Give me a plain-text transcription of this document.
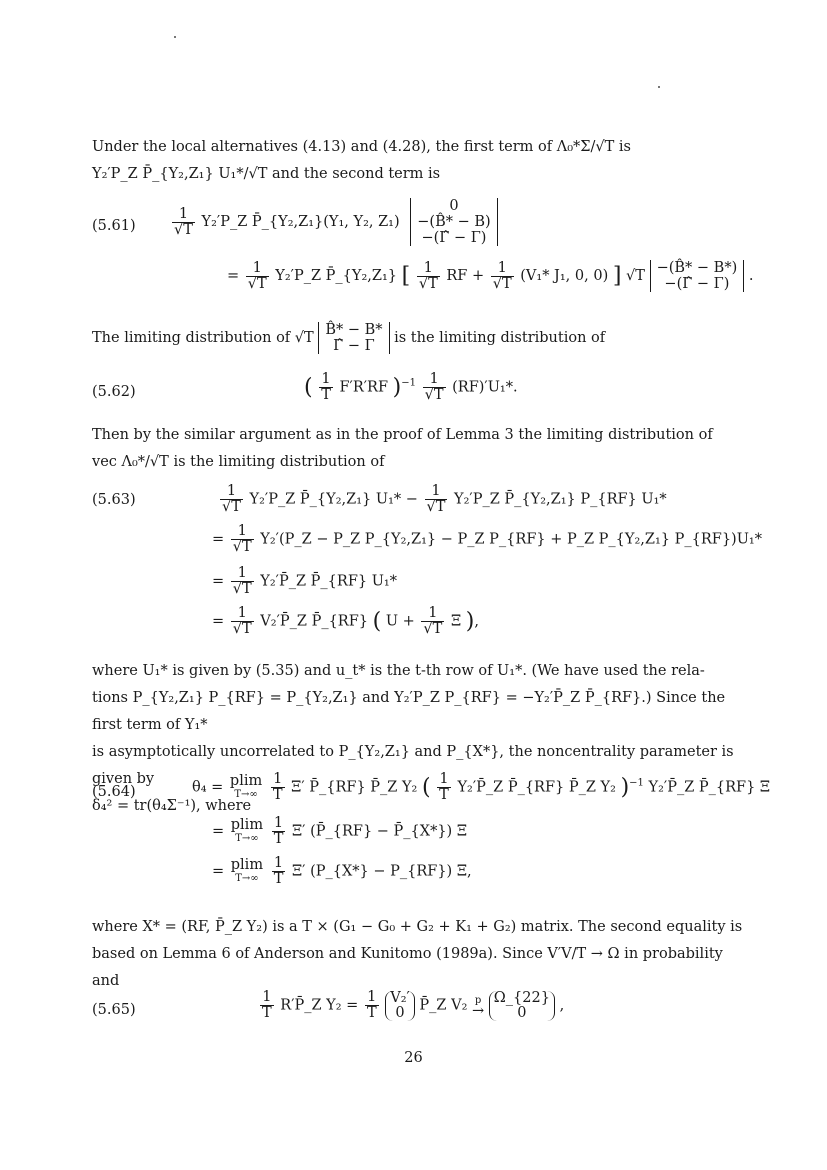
Under the local alternatives (4.13) and (4.28), the first term of Λ₀*Σ/√T is
Y₂′P_Z P̄_{Y₂,Z₁} U₁*/√T and the second term is
(5.61)	$\frac{1}{√T}$ Y₂′P_Z P̄_{Y₂,Z₁}(Y₁, Y₂, Z₁)
0
−(B̂* − B)
−(Γ̂ − Γ)
= $\frac{1}{√T}$ Y₂′P_Z P̄_{Y₂,Z₁} [ $\frac{1}{√T}$ RF + $\frac{1}{√T} (V_1*$ J₁, 0, 0) ] √T −(B̂* − B*)
−(Γ̂ − Γ)	.
The limiting distribution of √T B̂* − B*
Γ̂ − Γ	is the limiting distribution of
(5.62)	( $\frac{1}{T} F'R'RF$ )$^{-1} \frac{1}{√T} (RF)'U_1*$.
Then by the similar argument as in the proof of Lemma 3 the limiting distribution of
vec Λ₀*/√T is the limiting distribution of
(5.63)	$\frac{1}{√T}$ Y₂′P_Z P̄_{Y₂,Z₁} $U_1* - \frac{1}{√T}$ Y₂′P_Z P̄_{Y₂,Z₁} P_{RF} U₁*
= $\frac{1}{√T}$ Y₂′(P_Z − P_Z P_{Y₂,Z₁} − P_Z P_{RF} + P_Z P_{Y₂,Z₁} P_{RF})U₁*
= $\frac{1}{√T}$ Y₂′P̄_Z P̄_{RF} U₁*
= $\frac{1}{√T}$ V₂′P̄_Z P̄_{RF} ( $U + \frac{1}{√T}$ Ξ ),
where U₁* is given by (5.35) and u_t* is the t-th row of U₁*. (We have used the rela-
tions P_{Y₂,Z₁} P_{RF} = P_{Y₂,Z₁} and Y₂′P_Z P_{RF} = −Y₂′P̄_Z P̄_{RF}.) Since the first term of Y₁*
is asymptotically uncorrelated to P_{Y₂,Z₁} and P_{X*}, the noncentrality parameter is given by
δ₄² = tr(θ₄Σ⁻¹), where
(5.64)	θ₄ = plim
T→∞
$\frac{1}{T} \Xi'$ P̄_{RF} P̄_Z Y₂ ( $\frac{1}{T}$ Y₂′P̄_Z P̄_{RF} P̄_Z Y₂ )$^{-1}$ Y₂′P̄_Z P̄_{RF} Ξ
= plim
T→∞
$\frac{1}{T} \Xi'$ (P̄_{RF} − P̄_{X*}) Ξ
= plim
T→∞
$\frac{1}{T} \Xi'$ (P_{X*} − P_{RF}) Ξ,
where X* = (RF, P̄_Z Y₂) is a T × (G₁ − G₀ + G₂ + K₁ + G₂) matrix. The second equality is
based on Lemma 6 of Anderson and Kunitomo (1989a). Since V′V/T → Ω in probability
and
(5.65)	$\frac{1}{T}$ R′P̄_Z $Y_2 = \frac{1}{T}$
V₂′
0	P̄_Z V₂ p
→

Ω_{22}
0	,
26
